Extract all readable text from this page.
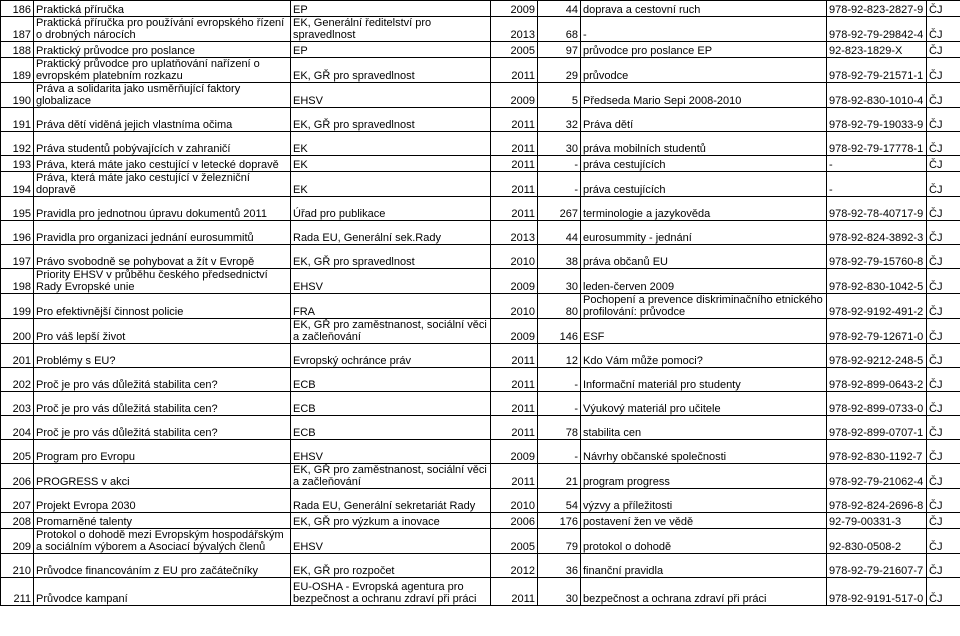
186	Praktická příručka	EP	2009	44	doprava a cestovní ruch	978-92-823-2827-9	ČJ
187	Praktická příručka pro používání evropského řízení o drobných nárocích	EK, Generální ředitelství pro spravedlnost	2013	68	-	978-92-79-29842-4	ČJ
188	Praktický průvodce pro poslance	EP	2005	97	průvodce pro poslance EP	92-823-1829-X	ČJ
189	Praktický průvodce pro uplatňování nařízení o evropském platebním rozkazu	EK, GŘ pro spravedlnost	2011	29	průvodce	978-92-79-21571-1	ČJ
190	Práva a solidarita jako usměrňující faktory globalizace	EHSV	2009	5	Předseda Mario Sepi 2008-2010	978-92-830-1010-4	ČJ
191	Práva dětí viděná jejich vlastníma očima	EK, GŘ pro spravedlnost	2011	32	Práva dětí	978-92-79-19033-9	ČJ
192	Práva studentů pobývajících v zahraničí	EK	2011	30	práva mobilních studentů	978-92-79-17778-1	ČJ
193	Práva, která máte jako cestující v letecké dopravě	EK	2011	-	práva cestujících	-	ČJ
194	Práva, která máte jako cestující v železniční dopravě	EK	2011	-	práva cestujících	-	ČJ
195	Pravidla pro jednotnou úpravu dokumentů 2011	Úřad pro publikace	2011	267	terminologie a jazykověda	978-92-78-40717-9	ČJ
196	Pravidla pro organizaci jednání eurosummitů	Rada EU, Generální sek.Rady	2013	44	eurosummity - jednání	978-92-824-3892-3	ČJ
197	Právo svobodně se pohybovat a žít v Evropě	EK, GŘ pro spravedlnost	2010	38	práva občanů EU	978-92-79-15760-8	ČJ
198	Priority EHSV v průběhu českého předsednictví Rady Evropské unie	EHSV	2009	30	leden-červen 2009	978-92-830-1042-5	ČJ
199	Pro efektivnější činnost policie	FRA	2010	80	Pochopení a prevence diskriminačního etnického profilování: průvodce	978-92-9192-491-2	ČJ
200	Pro váš lepší život	EK, GŘ pro zaměstnanost, sociální věci a začleňování	2009	146	ESF	978-92-79-12671-0	ČJ
201	Problémy s EU?	Evropský ochránce práv	2011	12	Kdo Vám může pomoci?	978-92-9212-248-5	ČJ
202	Proč je pro vás důležitá stabilita cen?	ECB	2011	-	Informační materiál pro studenty	978-92-899-0643-2	ČJ
203	Proč je pro vás důležitá stabilita cen?	ECB	2011	-	Výukový materiál pro učitele	978-92-899-0733-0	ČJ
204	Proč je pro vás důležitá stabilita cen?	ECB	2011	78	stabilita cen	978-92-899-0707-1	ČJ
205	Program pro Evropu	EHSV	2009	-	Návrhy občanské společnosti	978-92-830-1192-7	ČJ
206	PROGRESS v akci	EK, GŘ pro zaměstnanost, sociální věci a začleňování	2011	21	program progress	978-92-79-21062-4	ČJ
207	Projekt Evropa 2030	Rada EU, Generální sekretariát Rady	2010	54	výzvy a příležitosti	978-92-824-2696-8	ČJ
208	Promarněné talenty	EK, GŘ pro výzkum a inovace	2006	176	postavení žen ve vědě	92-79-00331-3	ČJ
209	Protokol o dohodě mezi Evropským hospodářským a sociálním výborem a Asociací bývalých členů	EHSV	2005	79	protokol o dohodě	92-830-0508-2	ČJ
210	Průvodce financováním z EU pro začátečníky	EK, GŘ pro rozpočet	2012	36	finanční pravidla	978-92-79-21607-7	ČJ
211	Průvodce kampaní	EU-OSHA - Evropská agentura pro bezpečnost a ochranu zdraví při práci	2011	30	bezpečnost a ochrana zdraví při práci	978-92-9191-517-0	ČJ
